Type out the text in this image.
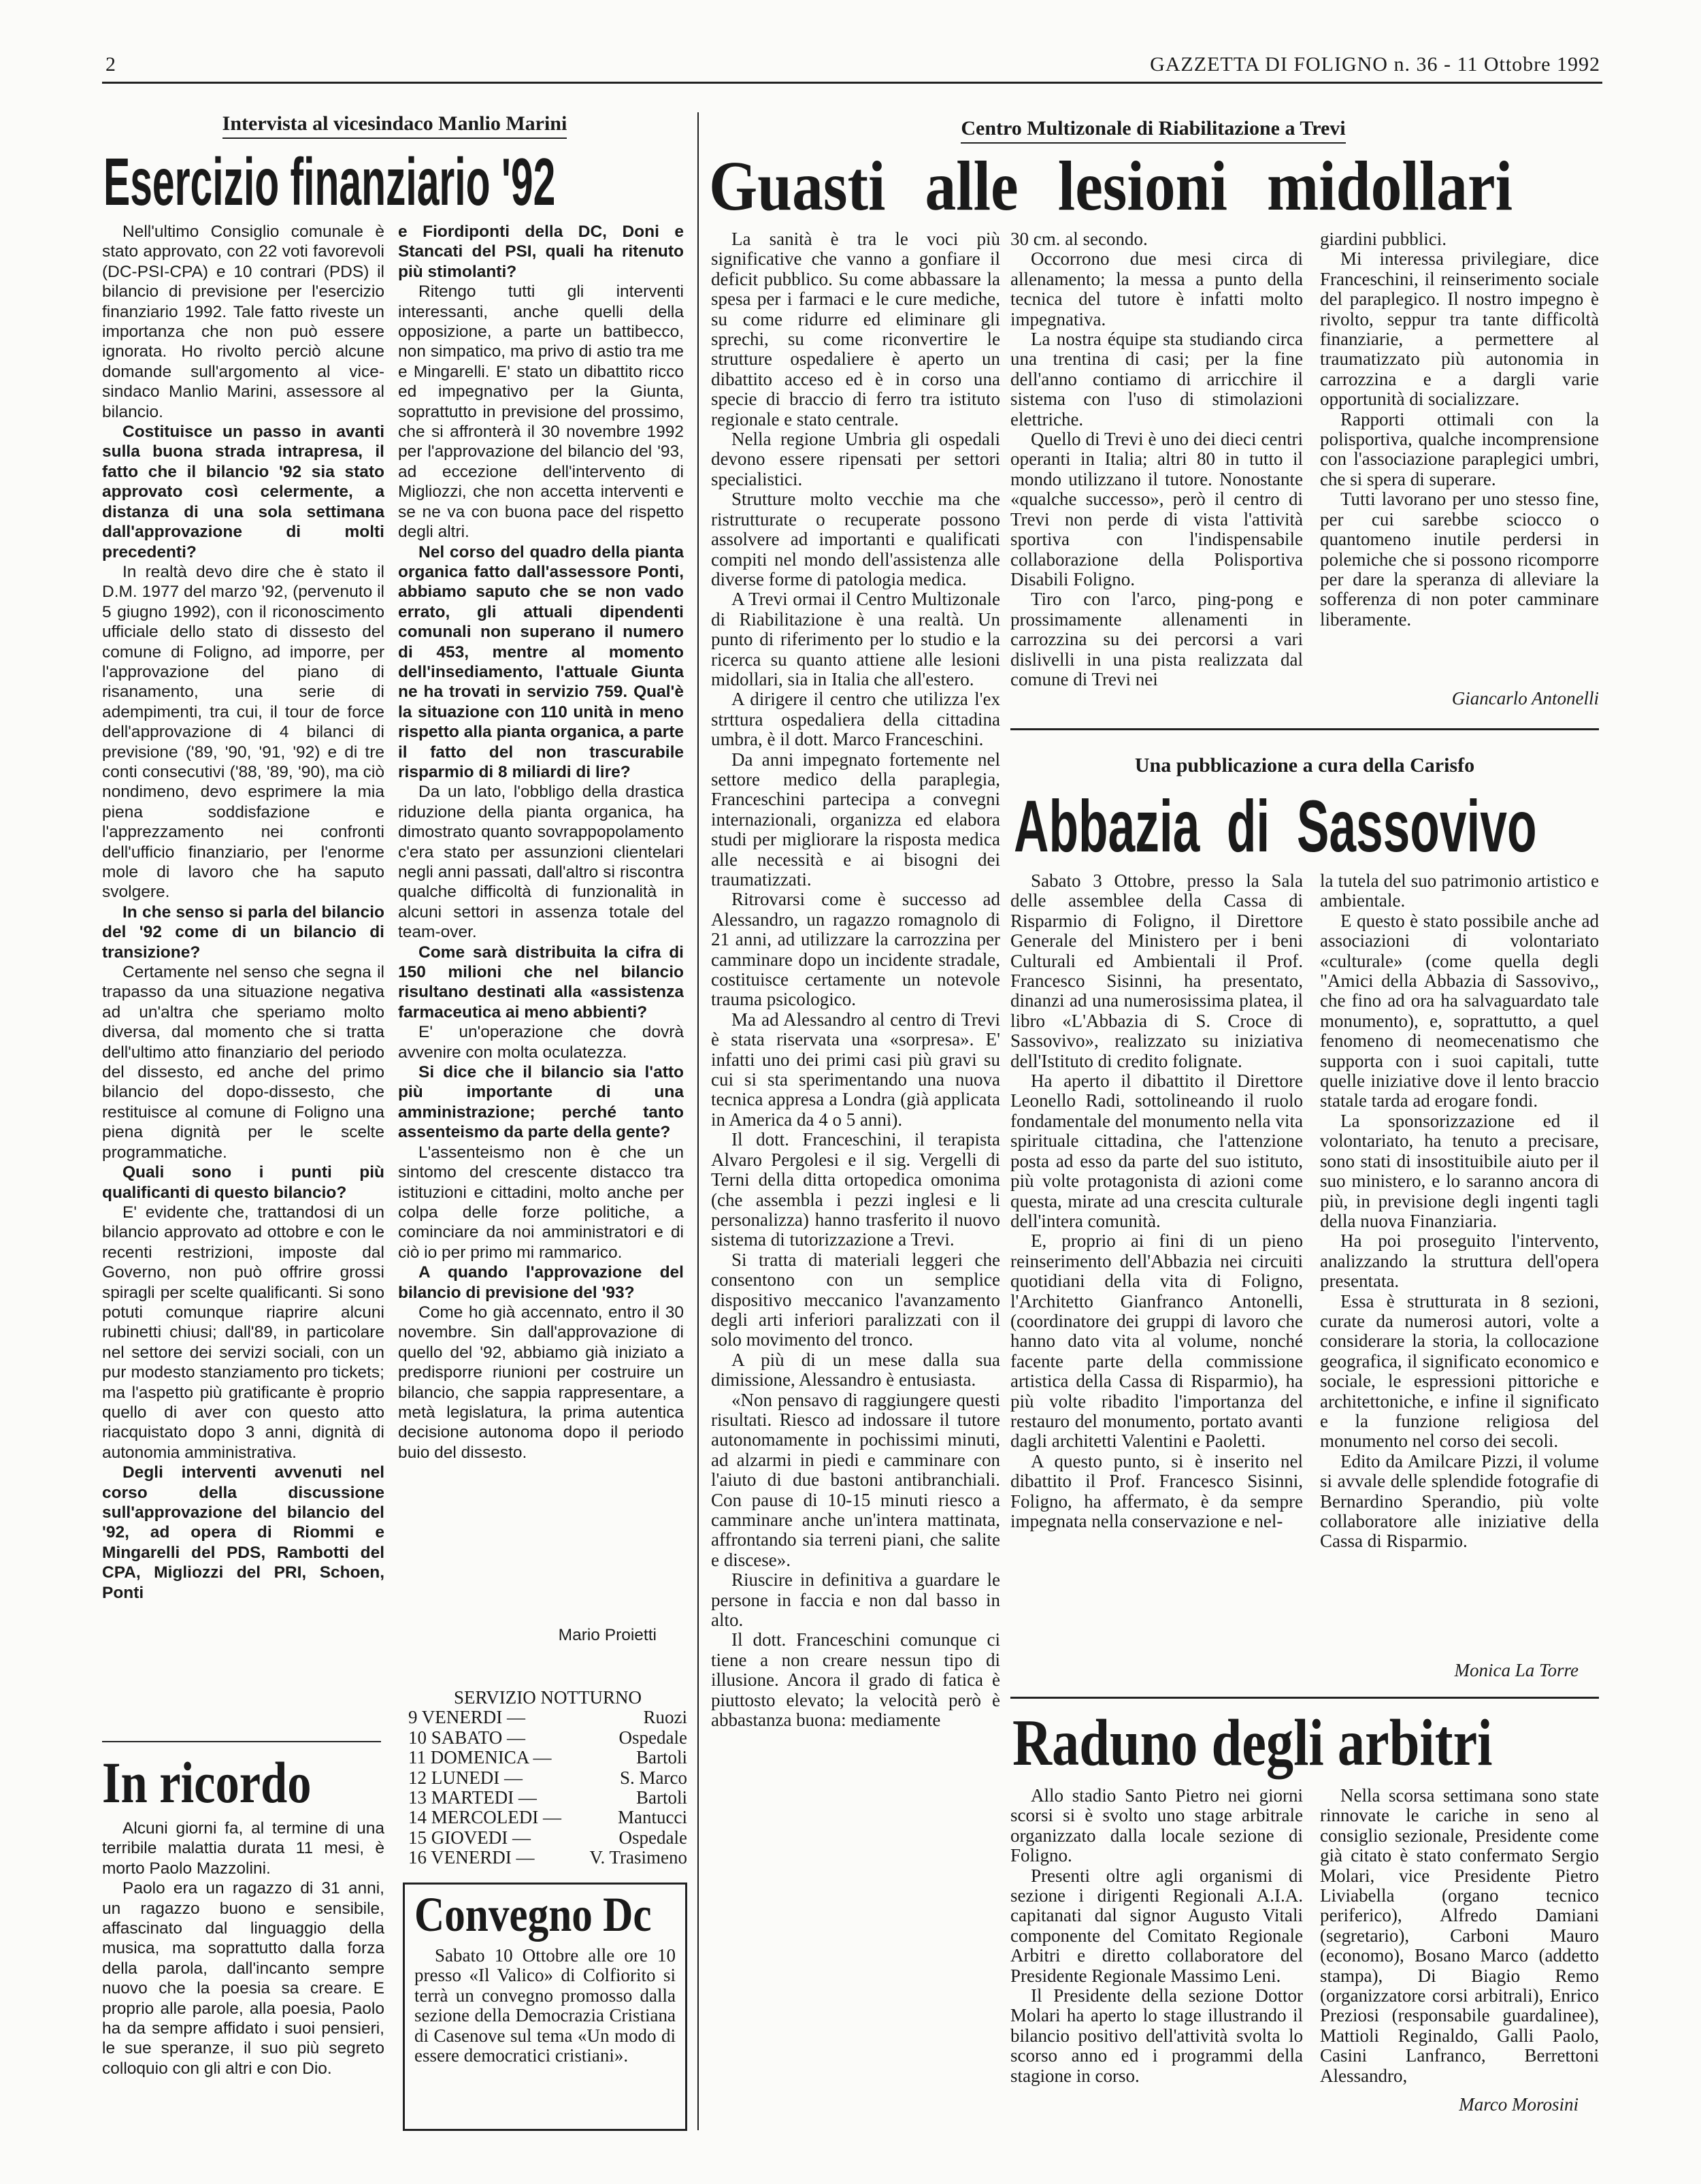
2	GAZZETTA DI FOLIGNO n. 36 - 11 Ottobre 1992
Intervista al vicesindaco Manlio Marini
Esercizio finanziario '92

Nell'ultimo Consiglio comunale è stato approvato, con 22 voti favorevoli (DC-PSI-CPA) e 10 contrari (PDS) il bilancio di previsione per l'esercizio finanziario 1992. Tale fatto riveste un importanza che non può essere ignorata. Ho rivolto perciò alcune domande sull'argomento al vice-sindaco Manlio Marini, assessore al bilancio.

Costituisce un passo in avanti sulla buona strada intrapresa, il fatto che il bilancio '92 sia stato approvato così celermente, a distanza di una sola settimana dall'approvazione di molti precedenti?

In realtà devo dire che è stato il D.M. 1977 del marzo '92, (pervenuto il 5 giugno 1992), con il riconoscimento ufficiale dello stato di dissesto del comune di Foligno, ad imporre, per l'approvazione del piano di risanamento, una serie di adempimenti, tra cui, il tour de force dell'approvazione di 4 bilanci di previsione ('89, '90, '91, '92) e di tre conti consecutivi ('88, '89, '90), ma ciò nondimeno, devo esprimere la mia piena soddisfazione e l'apprezzamento nei confronti dell'ufficio finanziario, per l'enorme mole di lavoro che ha saputo svolgere.

In che senso si parla del bilancio del '92 come di un bilancio di transizione?

Certamente nel senso che segna il trapasso da una situazione negativa ad un'altra che speriamo molto diversa, dal momento che si tratta dell'ultimo atto finanziario del periodo del dissesto, ed anche del primo bilancio del dopo-dissesto, che restituisce al comune di Foligno una piena dignità per le scelte programmatiche.

Quali sono i punti più qualificanti di questo bilancio?

E' evidente che, trattandosi di un bilancio approvato ad ottobre e con le recenti restrizioni, imposte dal Governo, non può offrire grossi spiragli per scelte qualificanti. Si sono potuti comunque riaprire alcuni rubinetti chiusi; dall'89, in particolare nel settore dei servizi sociali, con un pur modesto stanziamento pro tickets; ma l'aspetto più gratificante è proprio quello di aver con questo atto riacquistato dopo 3 anni, dignità di autonomia amministrativa.

Degli interventi avvenuti nel corso della discussione sull'approvazione del bilancio del '92, ad opera di Riommi e Mingarelli del PDS, Rambotti del CPA, Migliozzi del PRI, Schoen, Ponti

e Fiordiponti della DC, Doni e Stancati del PSI, quali ha ritenuto più stimolanti?

Ritengo tutti gli interventi interessanti, anche quelli della opposizione, a parte un battibecco, non simpatico, ma privo di astio tra me e Mingarelli. E' stato un dibattito ricco ed impegnativo per la Giunta, soprattutto in previsione del prossimo, che si affronterà il 30 novembre 1992 per l'approvazione del bilancio del '93, ad eccezione dell'intervento di Migliozzi, che non accetta interventi e se ne va con buona pace del rispetto degli altri.

Nel corso del quadro della pianta organica fatto dall'assessore Ponti, abbiamo saputo che se non vado errato, gli attuali dipendenti comunali non superano il numero di 453, mentre al momento dell'insediamento, l'attuale Giunta ne ha trovati in servizio 759. Qual'è la situazione con 110 unità in meno rispetto alla pianta organica, a parte il fatto del non trascurabile risparmio di 8 miliardi di lire?

Da un lato, l'obbligo della drastica riduzione della pianta organica, ha dimostrato quanto sovrappopolamento c'era stato per assunzioni clientelari negli anni passati, dall'altro si riscontra qualche difficoltà di funzionalità in alcuni settori in assenza totale del team-over.

Come sarà distribuita la cifra di 150 milioni che nel bilancio risultano destinati alla «assistenza farmaceutica ai meno abbienti?

E' un'operazione che dovrà avvenire con molta oculatezza.

Si dice che il bilancio sia l'atto più importante di una amministrazione; perché tanto assenteismo da parte della gente?

L'assenteismo non è che un sintomo del crescente distacco tra istituzioni e cittadini, molto anche per colpa delle forze politiche, a cominciare da noi amministratori e di ciò io per primo mi rammarico.

A quando l'approvazione del bilancio di previsione del '93?

Come ho già accennato, entro il 30 novembre. Sin dall'approvazione di quello del '92, abbiamo già iniziato a predisporre riunioni per costruire un bilancio, che sappia rappresentare, a metà legislatura, la prima autentica decisione autonoma dopo il periodo buio del dissesto.

Mario Proietti
In ricordo

Alcuni giorni fa, al termine di una terribile malattia durata 11 mesi, è morto Paolo Mazzolini.

Paolo era un ragazzo di 31 anni, un ragazzo buono e sensibile, affascinato dal linguaggio della musica, ma soprattutto dalla forza della parola, dall'incanto sempre nuovo che la poesia sa creare. E proprio alle parole, alla poesia, Paolo ha da sempre affidato i suoi pensieri, le sue speranze, il suo più segreto colloquio con gli altri e con Dio.

SERVIZIO NOTTURNO
9 VENERDI —	Ruozi
10 SABATO —	Ospedale
11 DOMENICA —	Bartoli
12 LUNEDI —	S. Marco
13 MARTEDI —	Bartoli
14 MERCOLEDI —	Mantucci
15 GIOVEDI —	Ospedale
16 VENERDI —	V. Trasimeno
Convegno Dc
Sabato 10 Ottobre alle ore 10 presso «Il Valico» di Colfiorito si terrà un convegno promosso dalla sezione della Democrazia Cristiana di Casenove sul tema «Un modo di essere democratici cristiani».
Centro Multizonale di Riabilitazione a Trevi
Guasti alle lesioni midollari

La sanità è tra le voci più significative che vanno a gonfiare il deficit pubblico. Su come abbassare la spesa per i farmaci e le cure mediche, su come ridurre ed eliminare gli sprechi, su come riconvertire le strutture ospedaliere è aperto un dibattito acceso ed è in corso una specie di braccio di ferro tra istituto regionale e stato centrale.

Nella regione Umbria gli ospedali devono essere ripensati per settori specialistici.

Strutture molto vecchie ma che ristrutturate o recuperate possono assolvere ad importanti e qualificati compiti nel mondo dell'assistenza alle diverse forme di patologia medica.

A Trevi ormai il Centro Multizonale di Riabilitazione è una realtà. Un punto di riferimento per lo studio e la ricerca su quanto attiene alle lesioni midollari, sia in Italia che all'estero.

A dirigere il centro che utilizza l'ex strttura ospedaliera della cittadina umbra, è il dott. Marco Franceschini.

Da anni impegnato fortemente nel settore medico della paraplegia, Franceschini partecipa a convegni internazionali, organizza ed elabora studi per migliorare la risposta medica alle necessità e ai bisogni dei traumatizzati.

Ritrovarsi come è successo ad Alessandro, un ragazzo romagnolo di 21 anni, ad utilizzare la carrozzina per camminare dopo un incidente stradale, costituisce certamente un notevole trauma psicologico.

Ma ad Alessandro al centro di Trevi è stata riservata una «sorpresa». E' infatti uno dei primi casi più gravi su cui si sta sperimentando una nuova tecnica appresa a Londra (già applicata in America da 4 o 5 anni).

Il dott. Franceschini, il terapista Alvaro Pergolesi e il sig. Vergelli di Terni della ditta ortopedica omonima (che assembla i pezzi inglesi e li personalizza) hanno trasferito il nuovo sistema di tutorizzazione a Trevi.

Si tratta di materiali leggeri che consentono con un semplice dispositivo meccanico l'avanzamento degli arti inferiori paralizzati con il solo movimento del tronco.

A più di un mese dalla sua dimissione, Alessandro è entusiasta.

«Non pensavo di raggiungere questi risultati. Riesco ad indossare il tutore autonomamente in pochissimi minuti, ad alzarmi in piedi e camminare con l'aiuto di due bastoni antibranchiali. Con pause di 10-15 minuti riesco a camminare anche un'intera mattinata, affrontando sia terreni piani, che salite e discese».

Riuscire in definitiva a guardare le persone in faccia e non dal basso in alto.

Il dott. Franceschini comunque ci tiene a non creare nessun tipo di illusione. Ancora il grado di fatica è piuttosto elevato; la velocità però è abbastanza buona: mediamente

30 cm. al secondo.

Occorrono due mesi circa di allenamento; la messa a punto della tecnica del tutore è infatti molto impegnativa.

La nostra équipe sta studiando circa una trentina di casi; per la fine dell'anno contiamo di arricchire il sistema con l'uso di stimolazioni elettriche.

Quello di Trevi è uno dei dieci centri operanti in Italia; altri 80 in tutto il mondo utilizzano il tutore. Nonostante «qualche successo», però il centro di Trevi non perde di vista l'attività sportiva con l'indispensabile collaborazione della Polisportiva Disabili Foligno.

Tiro con l'arco, ping-pong e prossimamente allenamenti in carrozzina su dei percorsi a vari dislivelli in una pista realizzata dal comune di Trevi nei

giardini pubblici.

Mi interessa privilegiare, dice Franceschini, il reinserimento sociale del paraplegico. Il nostro impegno è rivolto, seppur tra tante difficoltà finanziarie, a permettere al traumatizzato più autonomia in carrozzina e a dargli varie opportunità di socializzare.

Rapporti ottimali con la polisportiva, qualche incomprensione con l'associazione paraplegici umbri, che si spera di superare.

Tutti lavorano per uno stesso fine, per cui sarebbe sciocco o quantomeno inutile perdersi in polemiche che si possono ricomporre per dare la speranza di alleviare la sofferenza di non poter camminare liberamente.

Giancarlo Antonelli
Una pubblicazione a cura della Carisfo
Abbazia di Sassovivo

Sabato 3 Ottobre, presso la Sala delle assemblee della Cassa di Risparmio di Foligno, il Direttore Generale del Ministero per i beni Culturali ed Ambientali il Prof. Francesco Sisinni, ha presentato, dinanzi ad una numerosissima platea, il libro «L'Abbazia di S. Croce di Sassovivo», realizzato su iniziativa dell'Istituto di credito folignate.

Ha aperto il dibattito il Direttore Leonello Radi, sottolineando il ruolo fondamentale del monumento nella vita spirituale cittadina, che l'attenzione posta ad esso da parte del suo istituto, più volte protagonista di azioni come questa, mirate ad una crescita culturale dell'intera comunità.

E, proprio ai fini di un pieno reinserimento dell'Abbazia nei circuiti quotidiani della vita di Foligno, l'Architetto Gianfranco Antonelli, (coordinatore dei gruppi di lavoro che hanno dato vita al volume, nonché facente parte della commissione artistica della Cassa di Risparmio), ha più volte ribadito l'importanza del restauro del monumento, portato avanti dagli architetti Valentini e Paoletti.

A questo punto, si è inserito nel dibattito il Prof. Francesco Sisinni, Foligno, ha affermato, è da sempre impegnata nella conservazione e nel-

la tutela del suo patrimonio artistico e ambientale.

E questo è stato possibile anche ad associazioni di volontariato «culturale» (come quella degli "Amici della Abbazia di Sassovivo,, che fino ad ora ha salvaguardato tale monumento), e, soprattutto, a quel fenomeno di neomecenatismo che supporta con i suoi capitali, tutte quelle iniziative dove il lento braccio statale tarda ad erogare fondi.

La sponsorizzazione ed il volontariato, ha tenuto a precisare, sono stati di insostituibile aiuto per il suo ministero, e lo saranno ancora di più, in previsione degli ingenti tagli della nuova Finanziaria.

Ha poi proseguito l'intervento, analizzando la struttura dell'opera presentata.

Essa è strutturata in 8 sezioni, curate da numerosi autori, volte a considerare la storia, la collocazione geografica, il significato economico e sociale, le espressioni pittoriche e architettoniche, e infine il significato e la funzione religiosa del monumento nel corso dei secoli.

Edito da Amilcare Pizzi, il volume si avvale delle splendide fotografie di Bernardino Sperandio, più volte collaboratore alle iniziative della Cassa di Risparmio.

Monica La Torre
Raduno degli arbitri

Allo stadio Santo Pietro nei giorni scorsi si è svolto uno stage arbitrale organizzato dalla locale sezione di Foligno.

Presenti oltre agli organismi di sezione i dirigenti Regionali A.I.A. capitanati dal signor Augusto Vitali componente del Comitato Regionale Arbitri e diretto collaboratore del Presidente Regionale Massimo Leni.

Il Presidente della sezione Dottor Molari ha aperto lo stage illustrando il bilancio positivo dell'attività svolta lo scorso anno ed i programmi della stagione in corso.

Nella scorsa settimana sono state rinnovate le cariche in seno al consiglio sezionale, Presidente come già citato è stato confermato Sergio Molari, vice Presidente Pietro Liviabella (organo tecnico periferico), Alfredo Damiani (segretario), Carboni Mauro (economo), Bosano Marco (addetto stampa), Di Biagio Remo (organizzatore corsi arbitrali), Enrico Preziosi (responsabile guardalinee), Mattioli Reginaldo, Galli Paolo, Casini Lanfranco, Berrettoni Alessandro,

Marco Morosini
